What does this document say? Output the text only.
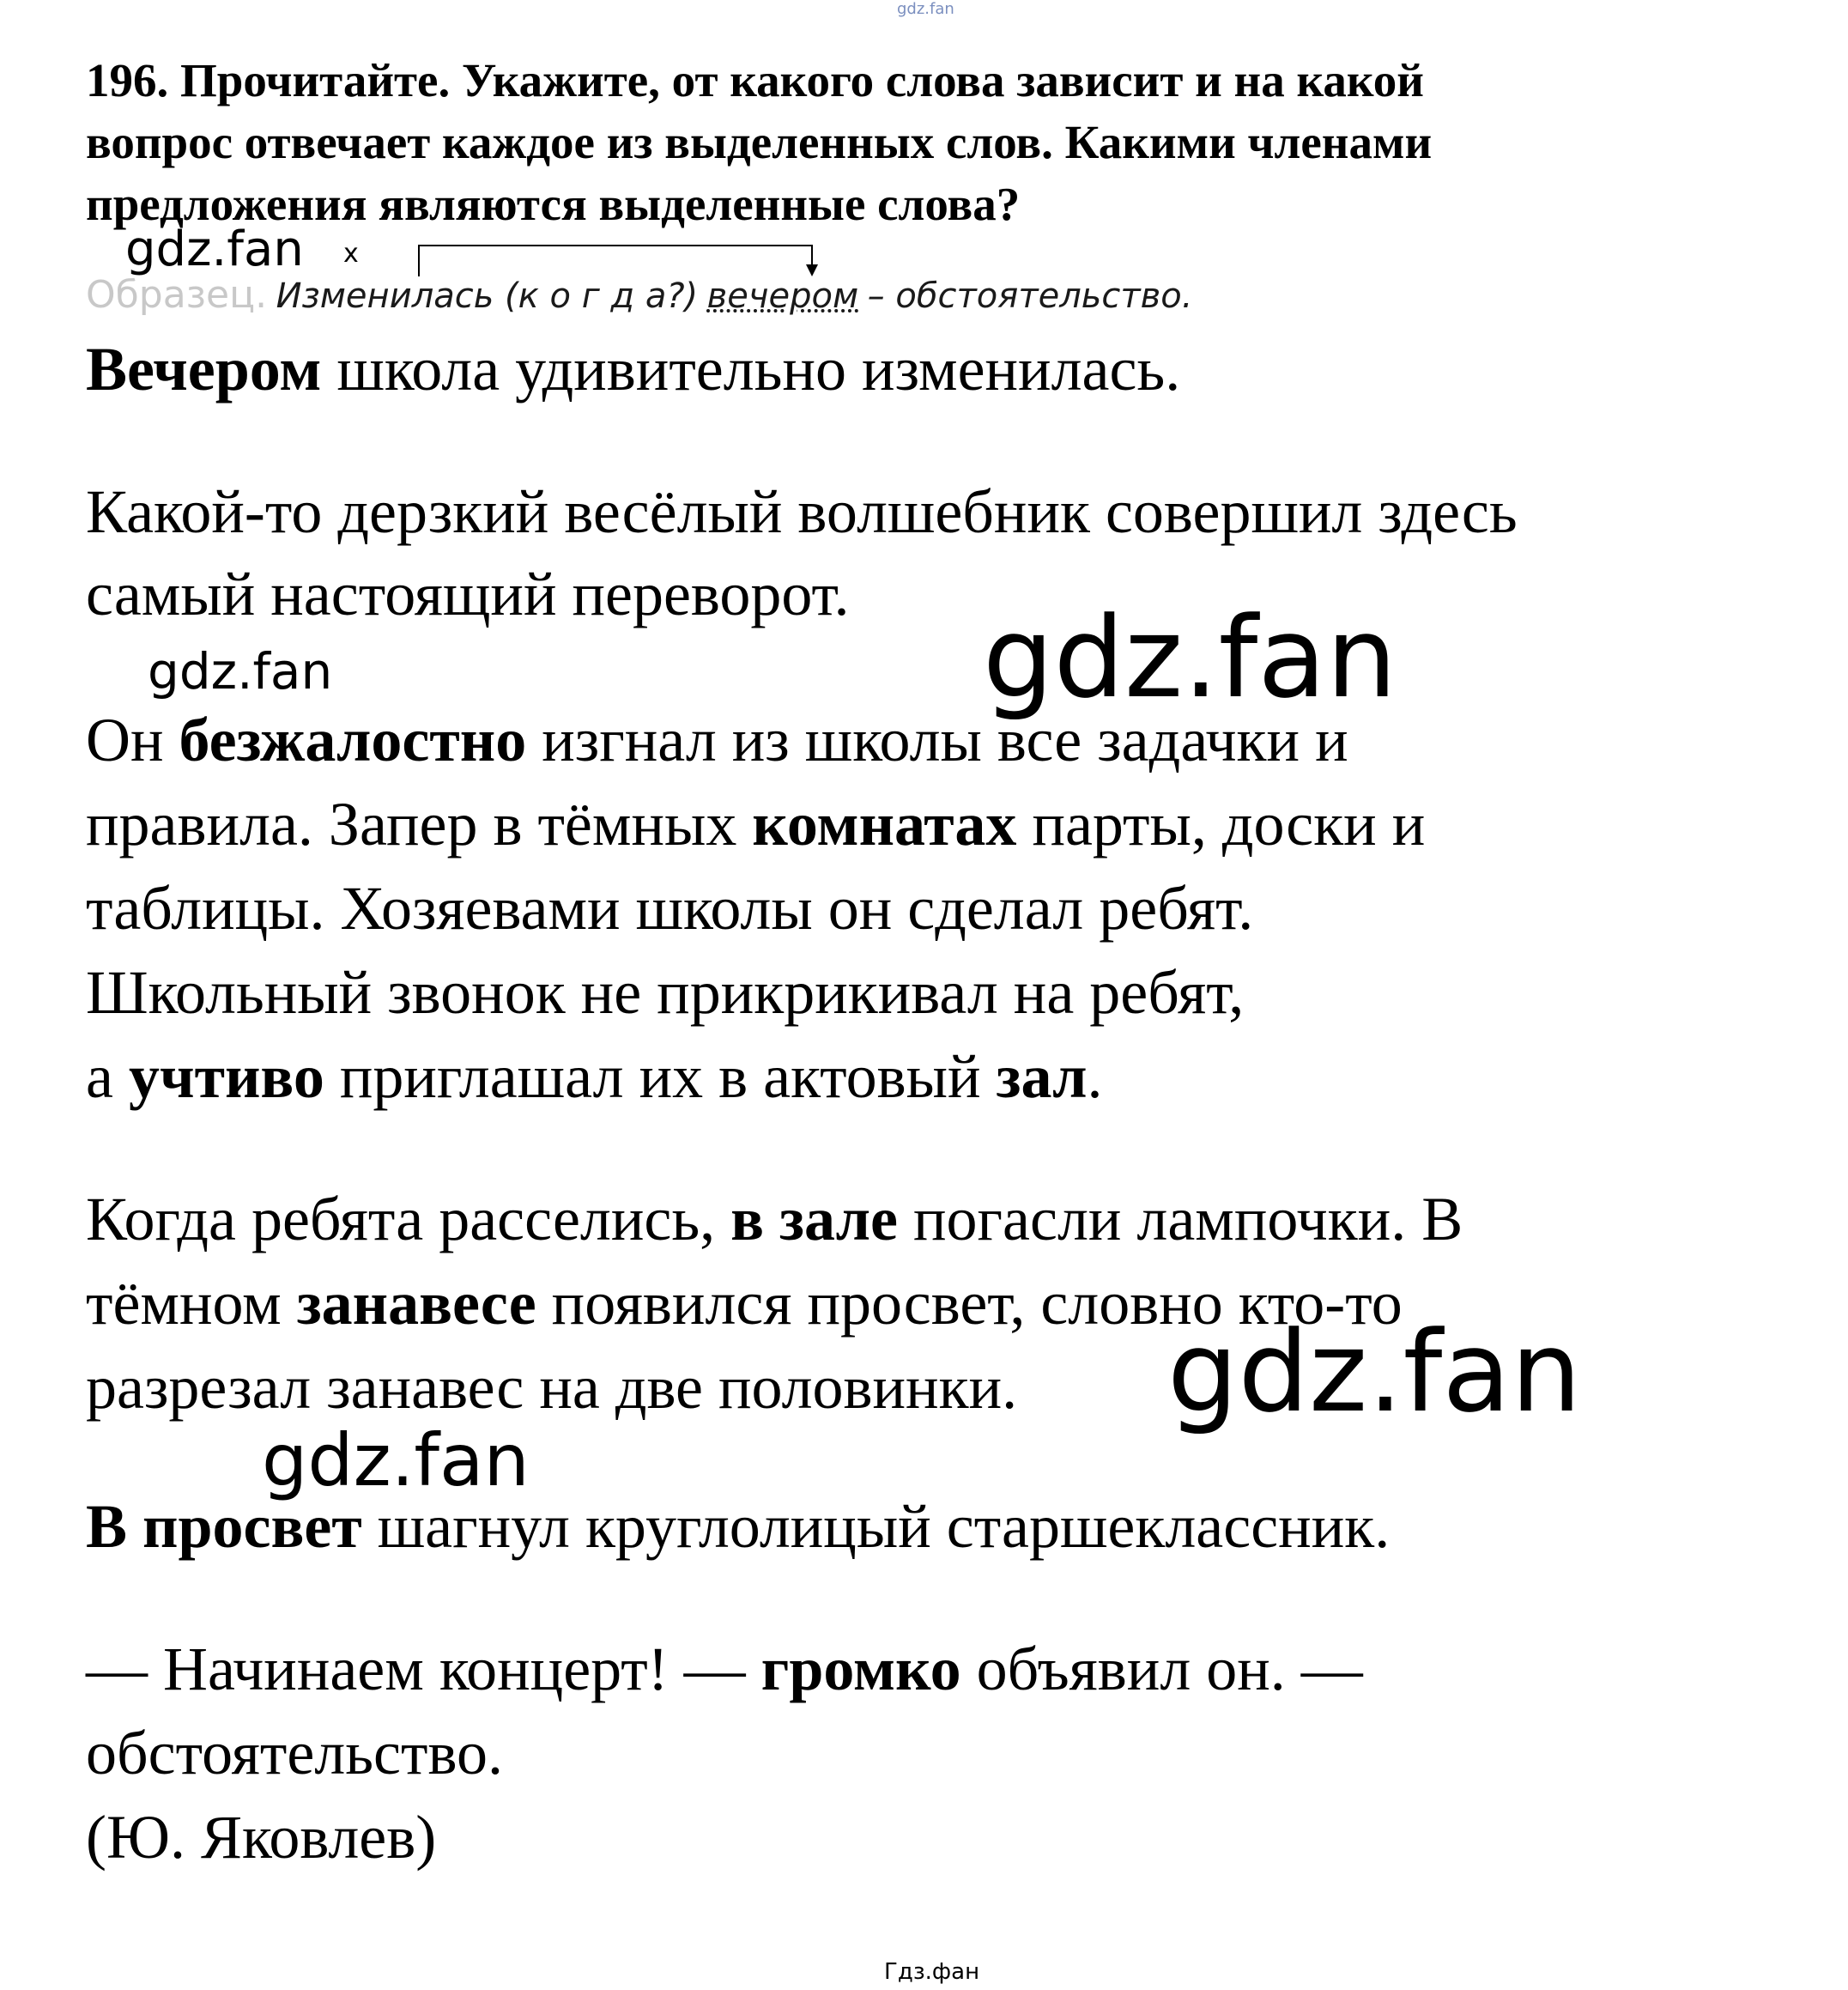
gdz.fan
196. Прочитайте. Укажите, от какого слова зависит и на какой
вопрос отвечает каждое из выделенных слов. Какими членами
предложения являются выделенные слова?
gdz.fan x
Образец. Изменилась (к о г д а?) вечером – обстоятельство.
Вечером школа удивительно изменилась.
Какой-то дерзкий весёлый волшебник совершил здесь
самый настоящий переворот.
gdz.fan	gdz.fan
Он безжалостно изгнал из школы все задачки и
правила. Запер в тёмных комнатах парты, доски и
таблицы. Хозяевами школы он сделал ребят.
Школьный звонок не прикрикивал на ребят,
а учтиво приглашал их в актовый зал.
Когда ребята расселись, в зале погасли лампочки. В
тёмном занавесе появился просвет, словно кто-то
разрезал занавес на две половинки. gdz.fan
gdz.fan
В просвет шагнул круглолицый старшеклассник.
— Начинаем концерт! — громко объявил он. —
обстоятельство.
(Ю. Яковлев)
Гдз.фан
